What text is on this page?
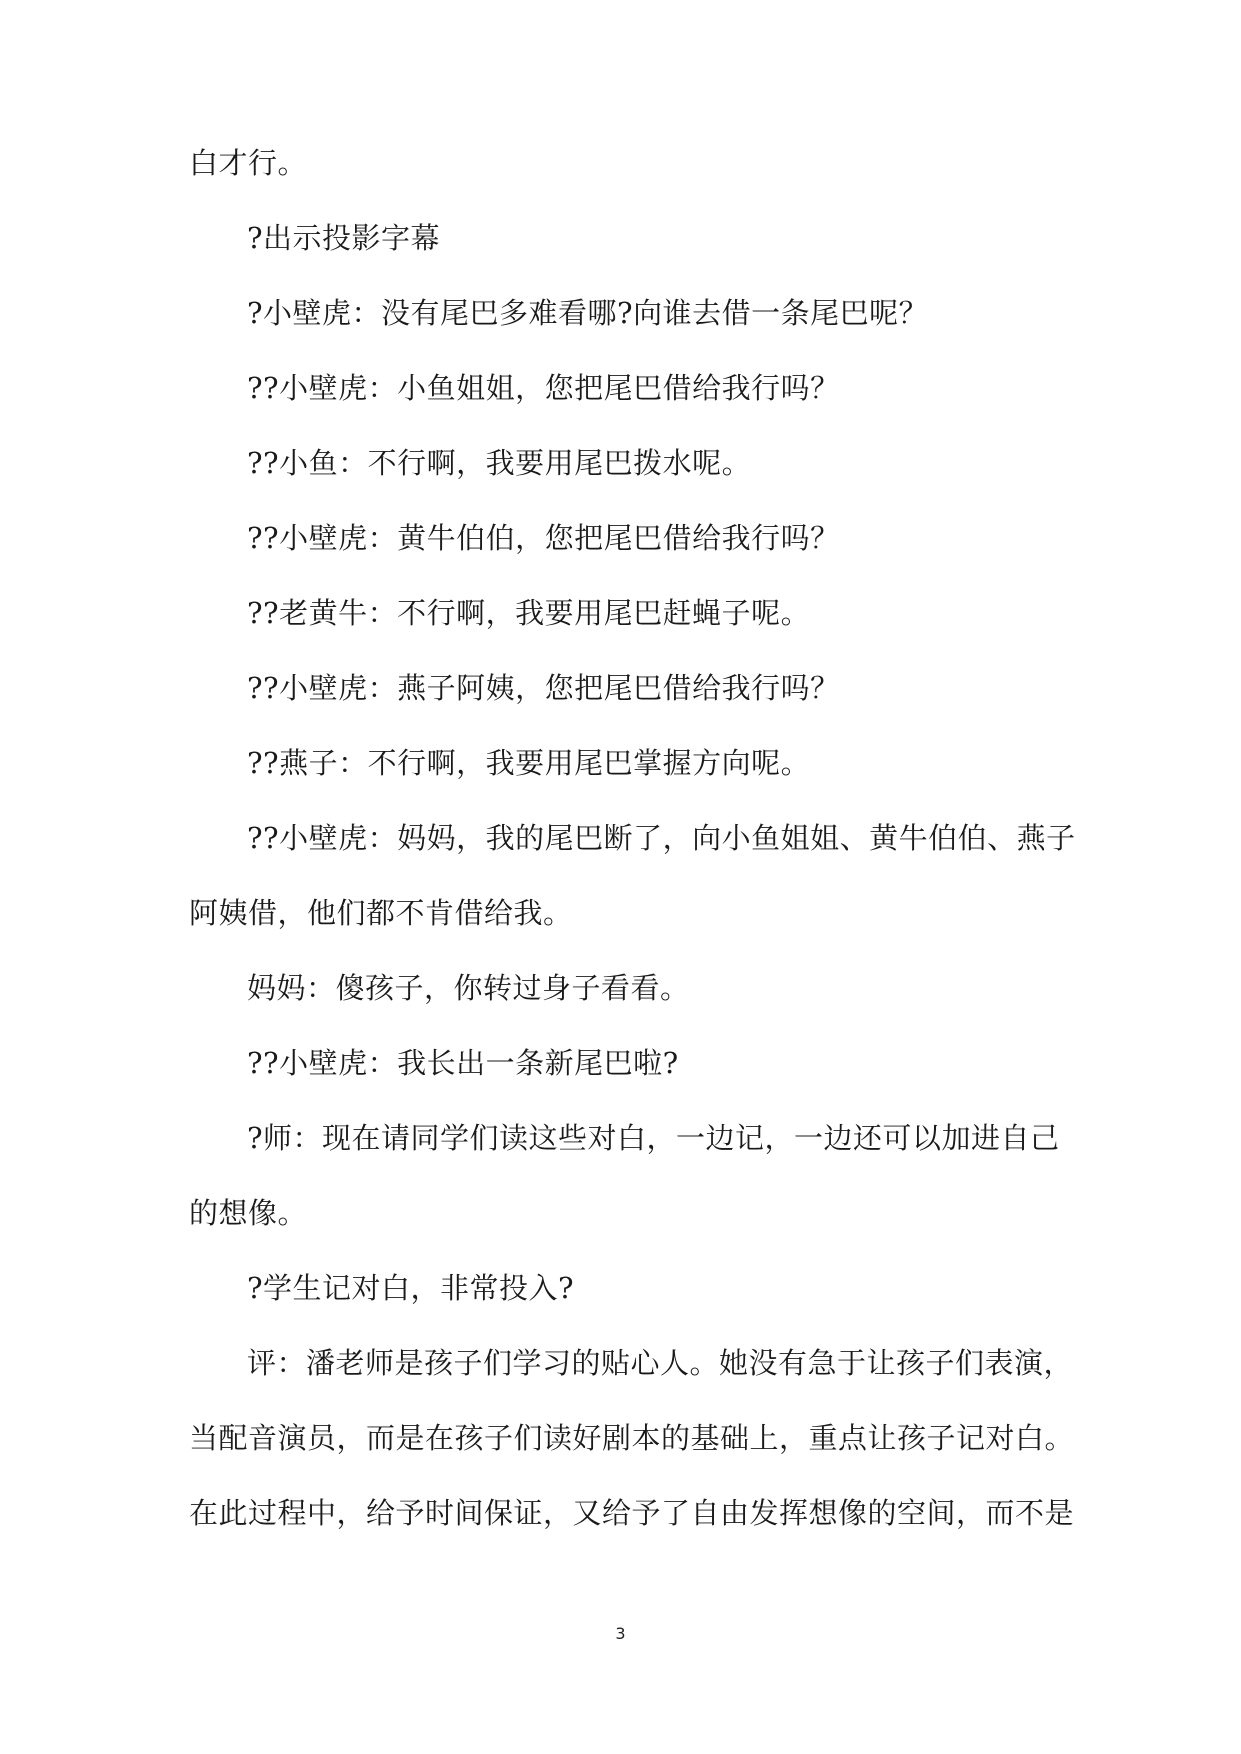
白才行。
?出示投影字幕
?小壁虎：没有尾巴多难看哪?向谁去借一条尾巴呢？
??小壁虎：小鱼姐姐，您把尾巴借给我行吗？
??小鱼：不行啊，我要用尾巴拨水呢。
??小壁虎：黄牛伯伯，您把尾巴借给我行吗？
??老黄牛：不行啊，我要用尾巴赶蝇子呢。
??小壁虎：燕子阿姨，您把尾巴借给我行吗？
??燕子：不行啊，我要用尾巴掌握方向呢。
??小壁虎：妈妈，我的尾巴断了，向小鱼姐姐、黄牛伯伯、燕子
阿姨借，他们都不肯借给我。
妈妈：傻孩子，你转过身子看看。
??小壁虎：我长出一条新尾巴啦?
?师：现在请同学们读这些对白，一边记，一边还可以加进自己
的想像。
?学生记对白，非常投入?
评：潘老师是孩子们学习的贴心人。她没有急于让孩子们表演，
当配音演员，而是在孩子们读好剧本的基础上，重点让孩子记对白。
在此过程中，给予时间保证，又给予了自由发挥想像的空间，而不是
3
